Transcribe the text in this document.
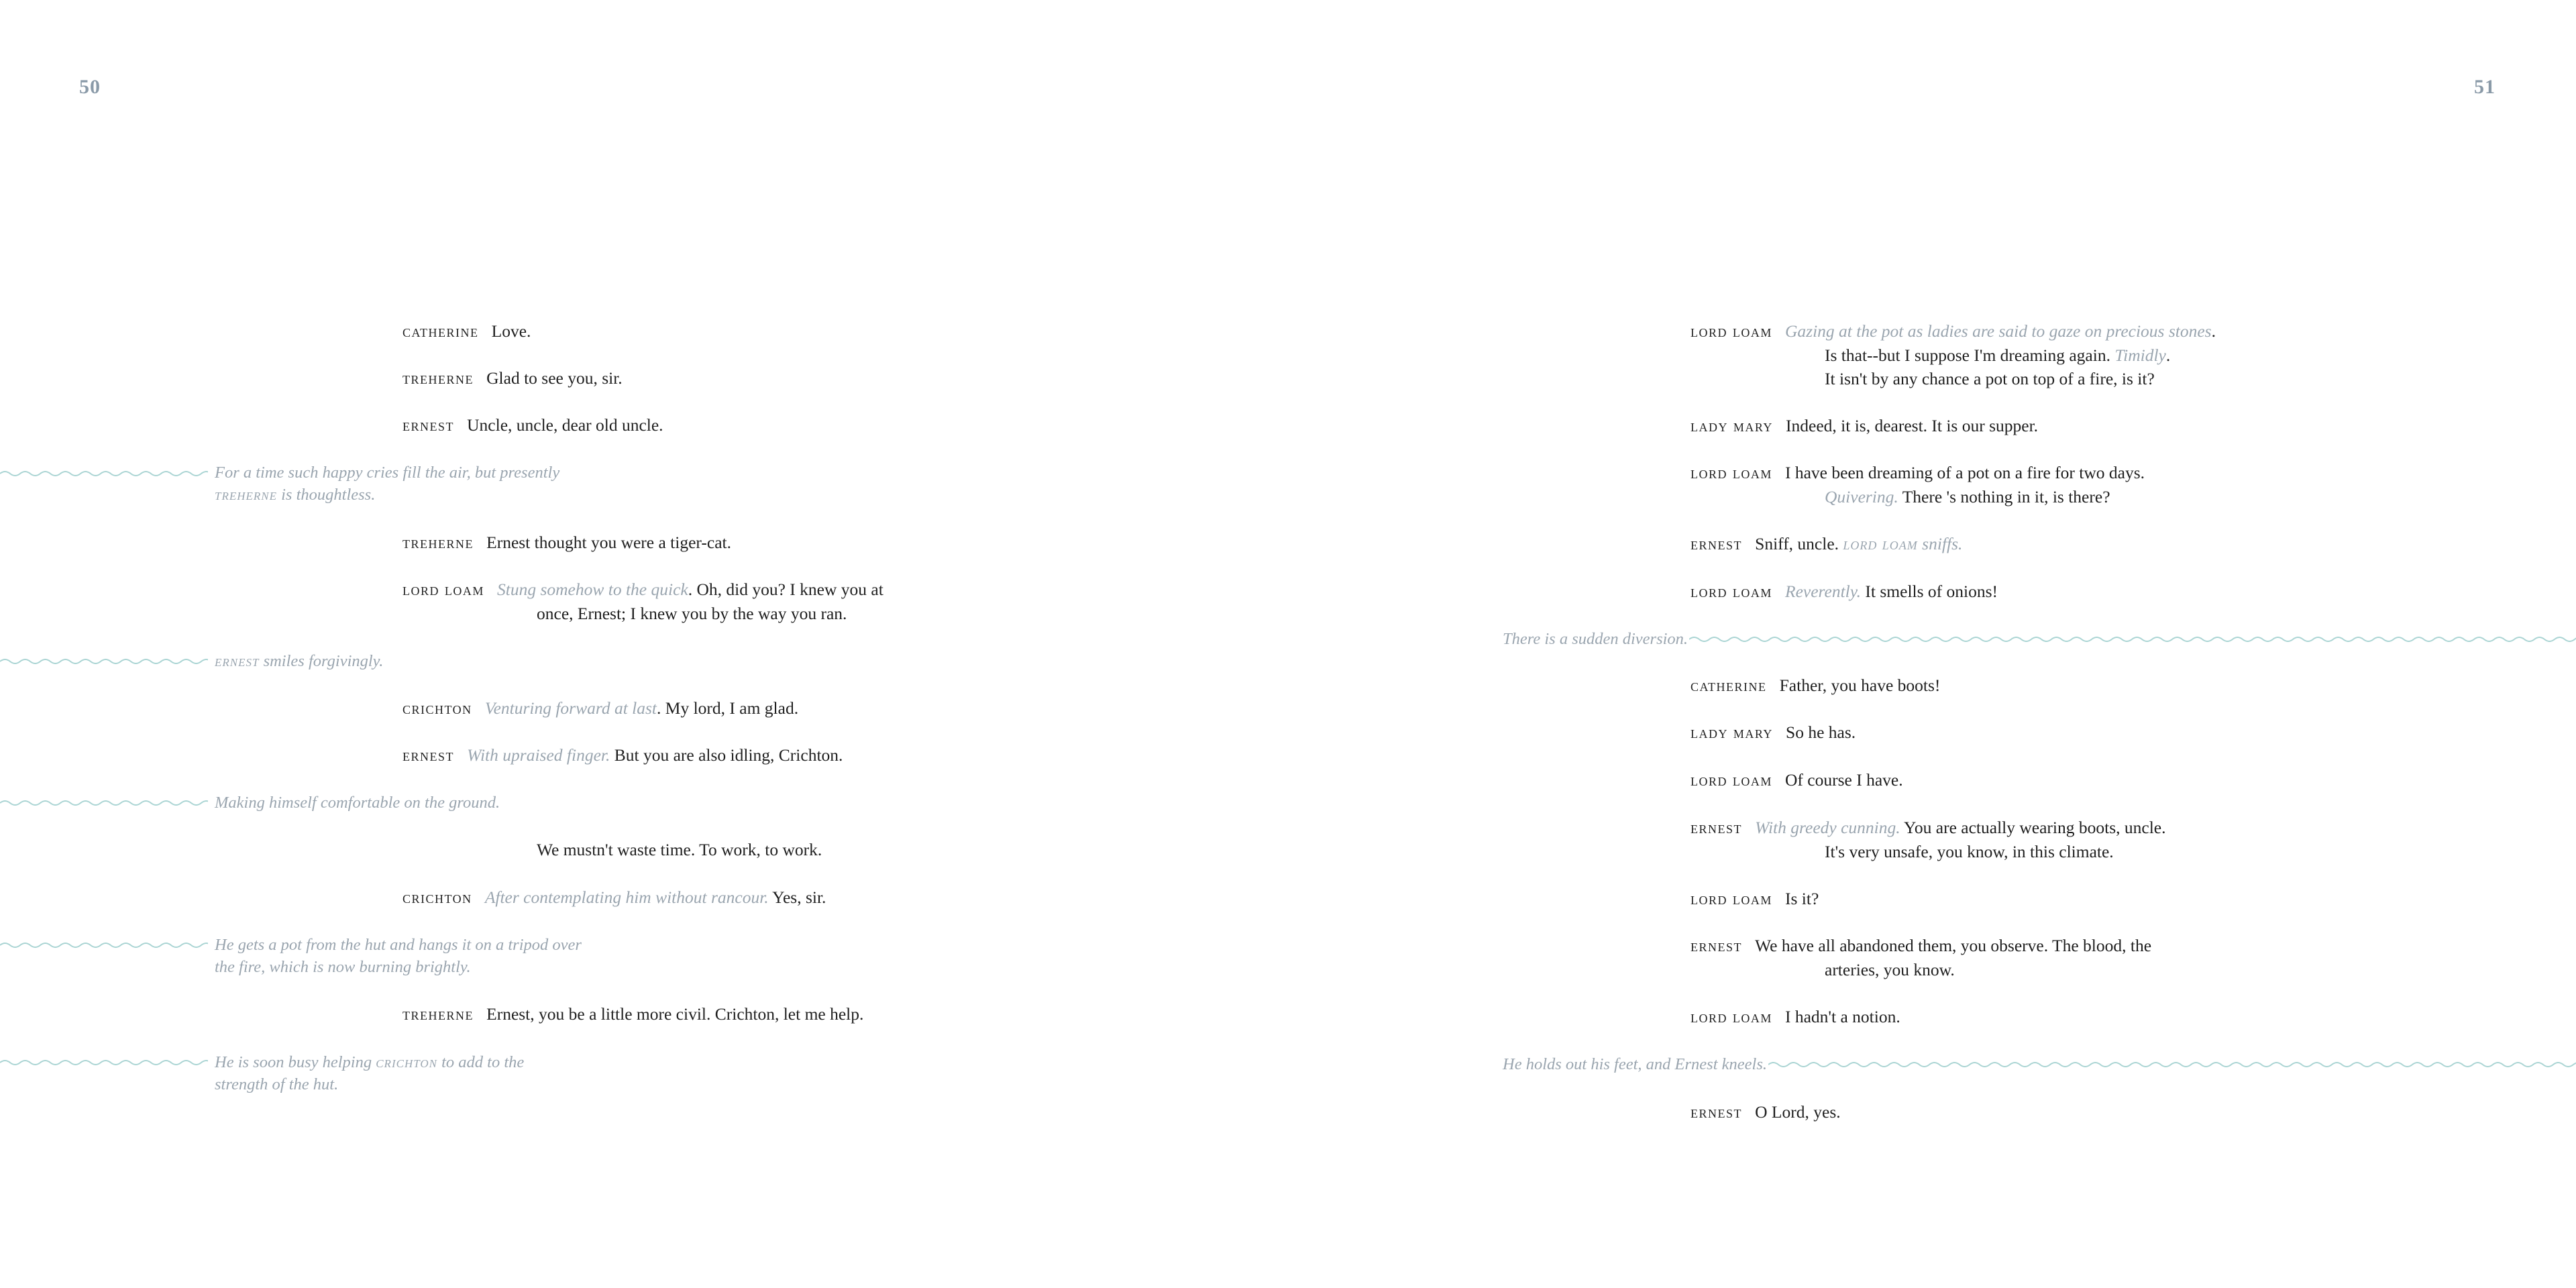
50	51
catherine Love.
treherne Glad to see you, sir.
ernest Uncle, uncle, dear old uncle.
For a time such happy cries fill the air, but presently
treherne is thoughtless.
treherne Ernest thought you were a tiger-cat.
lord loam Stung somehow to the quick. Oh, did you? I knew you at
once, Ernest; I knew you by the way you ran.
ernest smiles forgivingly.
crichton Venturing forward at last. My lord, I am glad.
ernest With upraised finger. But you are also idling, Crichton.
Making himself comfortable on the ground.
We mustn't waste time. To work, to work.
crichton After contemplating him without rancour. Yes, sir.
He gets a pot from the hut and hangs it on a tripod over
the fire, which is now burning brightly.
treherne Ernest, you be a little more civil. Crichton, let me help.
He is soon busy helping crichton to add to the
strength of the hut.
lord loam Gazing at the pot as ladies are said to gaze on precious stones.
Is that--but I suppose I'm dreaming again. Timidly.
It isn't by any chance a pot on top of a fire, is it?
lady mary Indeed, it is, dearest. It is our supper.
lord loam I have been dreaming of a pot on a fire for two days.
Quivering. There 's nothing in it, is there?
ernest Sniff, uncle. lord loam sniffs.
lord loam Reverently. It smells of onions!
There is a sudden diversion.
catherine Father, you have boots!
lady mary So he has.
lord loam Of course I have.
ernest With greedy cunning. You are actually wearing boots, uncle.
It's very unsafe, you know, in this climate.
lord loam Is it?
ernest We have all abandoned them, you observe. The blood, the
arteries, you know.
lord loam I hadn't a notion.
He holds out his feet, and Ernest kneels.
ernest O Lord, yes.
